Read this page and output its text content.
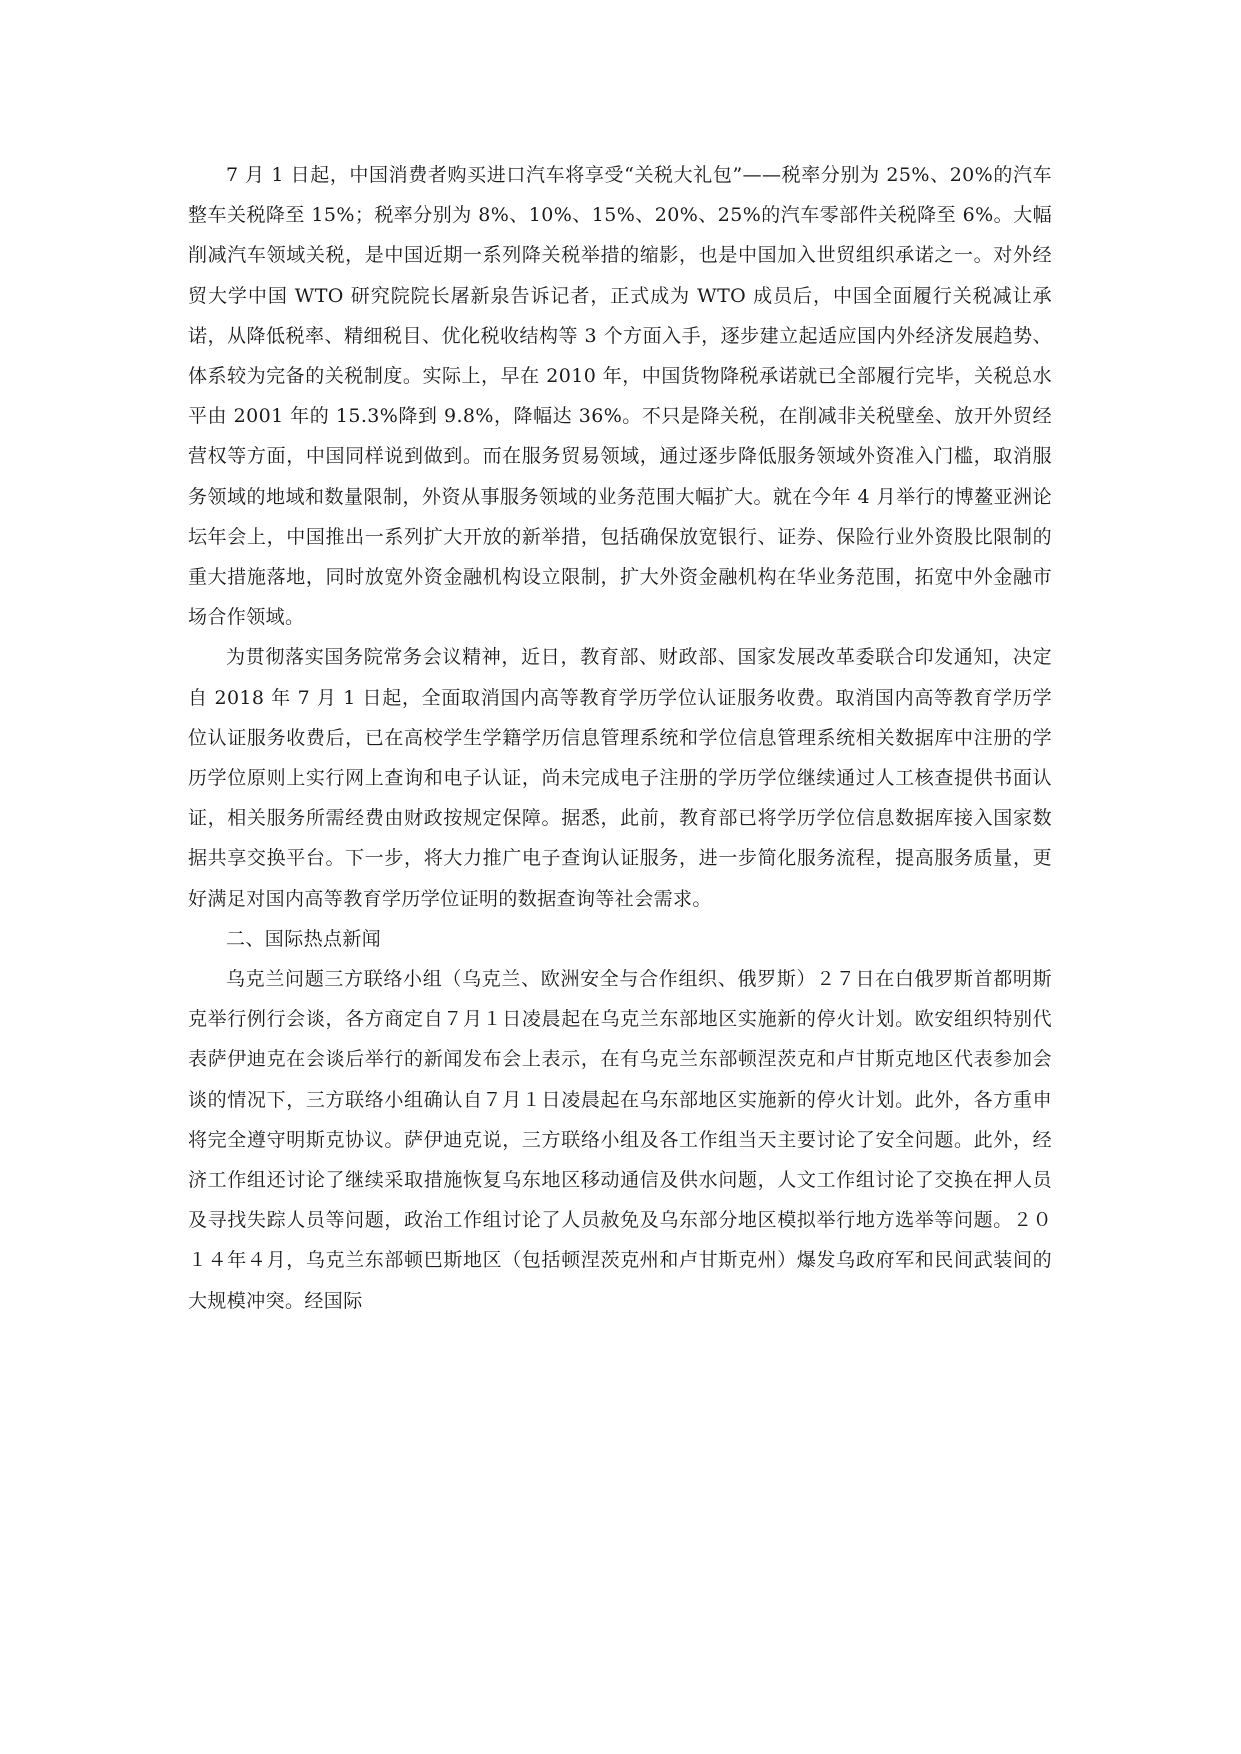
7 月 1 日起，中国消费者购买进口汽车将享受“关税大礼包”——税率分别为 25%、20%的汽车整车关税降至 15%；税率分别为 8%、10%、15%、20%、25%的汽车零部件关税降至 6%。大幅削减汽车领域关税，是中国近期一系列降关税举措的缩影，也是中国加入世贸组织承诺之一。对外经贸大学中国 WTO 研究院院长屠新泉告诉记者，正式成为 WTO 成员后，中国全面履行关税减让承诺，从降低税率、精细税目、优化税收结构等 3 个方面入手，逐步建立起适应国内外经济发展趋势、体系较为完备的关税制度。实际上，早在 2010 年，中国货物降税承诺就已全部履行完毕，关税总水平由 2001 年的 15.3%降到 9.8%，降幅达 36%。不只是降关税，在削减非关税壁垒、放开外贸经营权等方面，中国同样说到做到。而在服务贸易领域，通过逐步降低服务领域外资准入门槛，取消服务领域的地域和数量限制，外资从事服务领域的业务范围大幅扩大。就在今年 4 月举行的博鳌亚洲论坛年会上，中国推出一系列扩大开放的新举措，包括确保放宽银行、证券、保险行业外资股比限制的重大措施落地，同时放宽外资金融机构设立限制，扩大外资金融机构在华业务范围，拓宽中外金融市场合作领域。

为贯彻落实国务院常务会议精神，近日，教育部、财政部、国家发展改革委联合印发通知，决定自 2018 年 7 月 1 日起，全面取消国内高等教育学历学位认证服务收费。取消国内高等教育学历学位认证服务收费后，已在高校学生学籍学历信息管理系统和学位信息管理系统相关数据库中注册的学历学位原则上实行网上查询和电子认证，尚未完成电子注册的学历学位继续通过人工核查提供书面认证，相关服务所需经费由财政按规定保障。据悉，此前，教育部已将学历学位信息数据库接入国家数据共享交换平台。下一步，将大力推广电子查询认证服务，进一步简化服务流程，提高服务质量，更好满足对国内高等教育学历学位证明的数据查询等社会需求。

二、国际热点新闻

乌克兰问题三方联络小组（乌克兰、欧洲安全与合作组织、俄罗斯）２７日在白俄罗斯首都明斯克举行例行会谈，各方商定自７月１日凌晨起在乌克兰东部地区实施新的停火计划。欧安组织特别代表萨伊迪克在会谈后举行的新闻发布会上表示，在有乌克兰东部顿涅茨克和卢甘斯克地区代表参加会谈的情况下，三方联络小组确认自７月１日凌晨起在乌东部地区实施新的停火计划。此外，各方重申将完全遵守明斯克协议。萨伊迪克说，三方联络小组及各工作组当天主要讨论了安全问题。此外，经济工作组还讨论了继续采取措施恢复乌东地区移动通信及供水问题，人文工作组讨论了交换在押人员及寻找失踪人员等问题，政治工作组讨论了人员赦免及乌东部分地区模拟举行地方选举等问题。２０１４年４月，乌克兰东部顿巴斯地区（包括顿涅茨克州和卢甘斯克州）爆发乌政府军和民间武装间的大规模冲突。经国际
